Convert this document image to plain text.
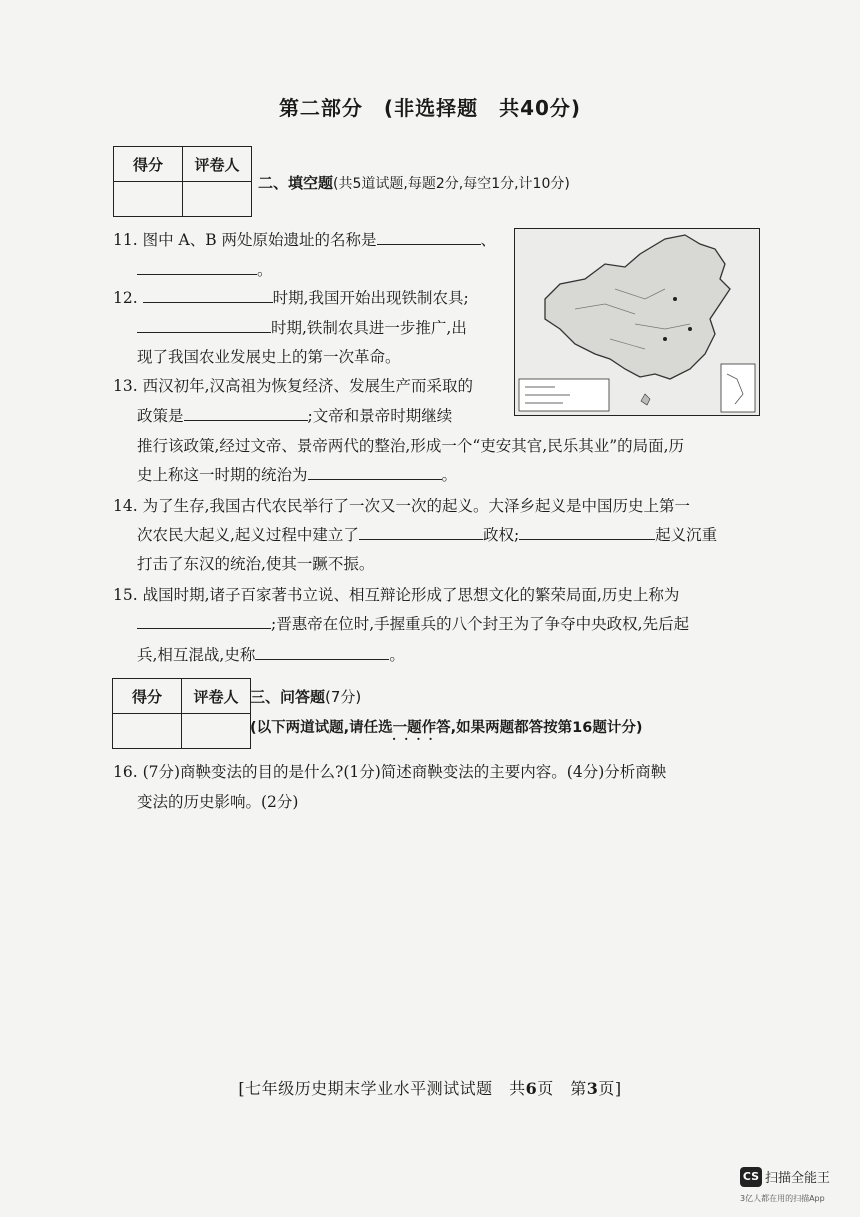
第二部分　(非选择题　共40分)
得分	评卷人

二、填空题(共5道试题,每题2分,每空1分,计10分)
11. 图中 A、B 两处原始遗址的名称是	、
。
12.	时期,我国开始出现铁制农具;
时期,铁制农具进一步推广,出
现了我国农业发展史上的第一次革命。
13. 西汉初年,汉高祖为恢复经济、发展生产而采取的
政策是	;文帝和景帝时期继续
推行该政策,经过文帝、景帝两代的整治,形成一个“吏安其官,民乐其业”的局面,历
史上称这一时期的统治为	。
14. 为了生存,我国古代农民举行了一次又一次的起义。大泽乡起义是中国历史上第一
次农民大起义,起义过程中建立了	政权;	起义沉重
打击了东汉的统治,使其一蹶不振。
15. 战国时期,诸子百家著书立说、相互辩论形成了思想文化的繁荣局面,历史上称为
;晋惠帝在位时,手握重兵的八个封王为了争夺中央政权,先后起
兵,相互混战,史称	。
得分	评卷人
	三、问答题(7分)
(以下两道试题,请任选一题作答,如果两题都答按第16题计分)
····
16. (7分)商鞅变法的目的是什么?(1分)简述商鞅变法的主要内容。(4分)分析商鞅
变法的历史影响。(2分)
[七年级历史期末学业水平测试试题　共6页　第3页]
CS 扫描全能王
3亿人都在用的扫描App
